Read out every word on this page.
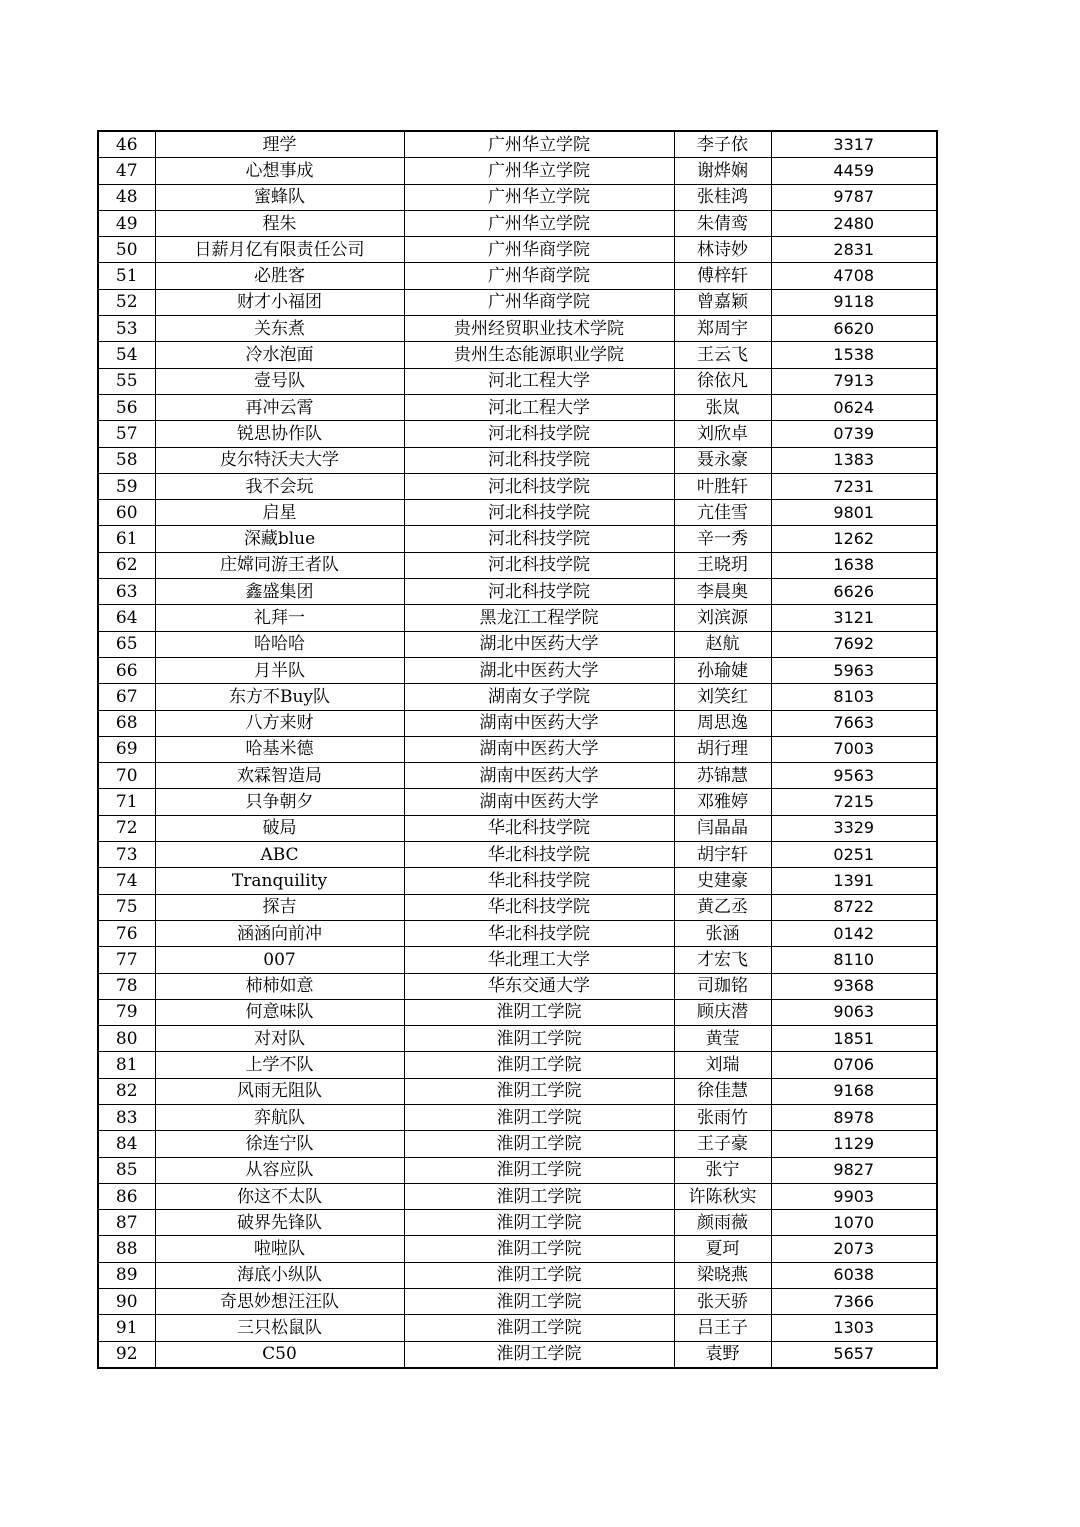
46	理学	广州华立学院	李子依	3317
47	心想事成	广州华立学院	谢烨娴	4459
48	蜜蜂队	广州华立学院	张桂鸿	9787
49	程朱	广州华立学院	朱倩鸾	2480
50	日薪月亿有限责任公司	广州华商学院	林诗妙	2831
51	必胜客	广州华商学院	傅梓轩	4708
52	财才小福团	广州华商学院	曾嘉颖	9118
53	关东煮	贵州经贸职业技术学院	郑周宇	6620
54	冷水泡面	贵州生态能源职业学院	王云飞	1538
55	壹号队	河北工程大学	徐依凡	7913
56	再冲云霄	河北工程大学	张岚	0624
57	锐思协作队	河北科技学院	刘欣卓	0739
58	皮尔特沃夫大学	河北科技学院	聂永豪	1383
59	我不会玩	河北科技学院	叶胜轩	7231
60	启星	河北科技学院	亢佳雪	9801
61	深藏blue	河北科技学院	辛一秀	1262
62	庄嫦同游王者队	河北科技学院	王晓玥	1638
63	鑫盛集团	河北科技学院	李晨奥	6626
64	礼拜一	黑龙江工程学院	刘滨源	3121
65	哈哈哈	湖北中医药大学	赵航	7692
66	月半队	湖北中医药大学	孙瑜婕	5963
67	东方不Buy队	湖南女子学院	刘笑红	8103
68	八方来财	湖南中医药大学	周思逸	7663
69	哈基米德	湖南中医药大学	胡行理	7003
70	欢霖智造局	湖南中医药大学	苏锦慧	9563
71	只争朝夕	湖南中医药大学	邓雅婷	7215
72	破局	华北科技学院	闫晶晶	3329
73	ABC	华北科技学院	胡宇轩	0251
74	Tranquility	华北科技学院	史建豪	1391
75	探吉	华北科技学院	黄乙丞	8722
76	涵涵向前冲	华北科技学院	张涵	0142
77	007	华北理工大学	才宏飞	8110
78	柿柿如意	华东交通大学	司珈铭	9368
79	何意味队	淮阴工学院	顾庆潜	9063
80	对对队	淮阴工学院	黄莹	1851
81	上学不队	淮阴工学院	刘瑞	0706
82	风雨无阻队	淮阴工学院	徐佳慧	9168
83	弈航队	淮阴工学院	张雨竹	8978
84	徐连宁队	淮阴工学院	王子豪	1129
85	从容应队	淮阴工学院	张宁	9827
86	你这不太队	淮阴工学院	许陈秋实	9903
87	破界先锋队	淮阴工学院	颜雨薇	1070
88	啦啦队	淮阴工学院	夏珂	2073
89	海底小纵队	淮阴工学院	梁晓燕	6038
90	奇思妙想汪汪队	淮阴工学院	张天骄	7366
91	三只松鼠队	淮阴工学院	吕王子	1303
92	C50	淮阴工学院	袁野	5657
